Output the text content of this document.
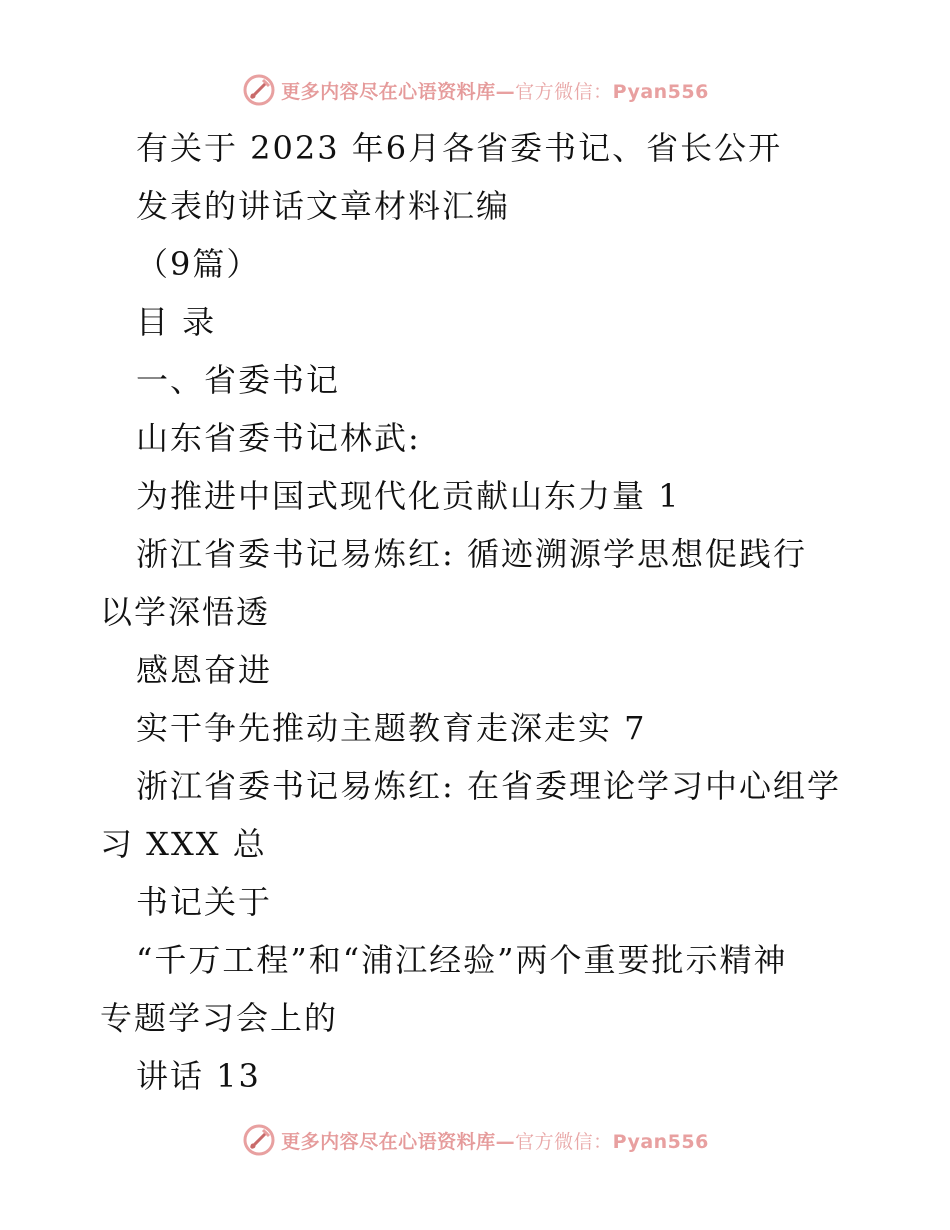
更多内容尽在心语资料库—官方微信：Pyan556
有关于 2023 年6月各省委书记、省长公开
发表的讲话文章材料汇编
（9篇）
目 录
一、省委书记
山东省委书记林武:
为推进中国式现代化贡献山东力量 1
浙江省委书记易炼红: 循迹溯源学思想促践行
以学深悟透
感恩奋进
实干争先推动主题教育走深走实 7
浙江省委书记易炼红: 在省委理论学习中心组学
习 XXX 总
书记关于
“千万工程”和“浦江经验”两个重要批示精神
专题学习会上的
讲话 13
更多内容尽在心语资料库—官方微信：Pyan556
